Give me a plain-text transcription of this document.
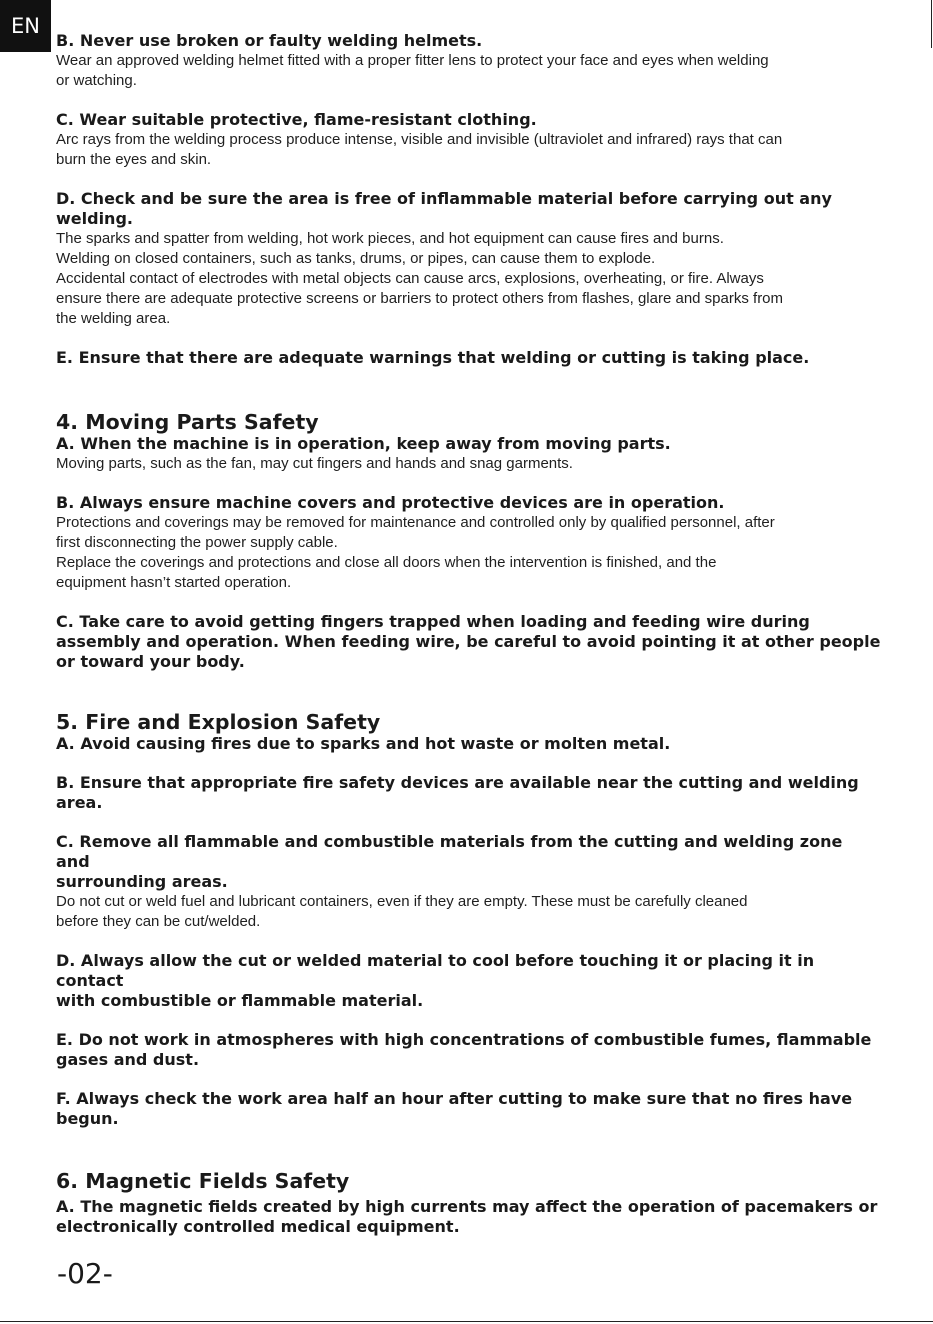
EN

B. Never use broken or faulty welding helmets.

Wear an approved welding helmet fitted with a proper fitter lens to protect your face and eyes when welding

or watching.

C. Wear suitable protective, flame-resistant clothing.

Arc rays from the welding process produce intense, visible and invisible (ultraviolet and infrared) rays that can

burn the eyes and skin.

D. Check and be sure the area is free of inflammable material before carrying out any

welding.

The sparks and spatter from welding, hot work pieces, and hot equipment can cause fires and burns.

Welding on closed containers, such as tanks, drums, or pipes, can cause them to explode.

Accidental contact of electrodes with metal objects can cause arcs, explosions, overheating, or fire. Always

ensure there are adequate protective screens or barriers to protect others from flashes, glare and sparks from

the welding area.

E. Ensure that there are adequate warnings that welding or cutting is taking place.

4. Moving Parts Safety

A. When the machine is in operation, keep away from moving parts.

Moving parts, such as the fan, may cut fingers and hands and snag garments.

B. Always ensure machine covers and protective devices are in operation.

Protections and coverings may be removed for maintenance and controlled only by qualified personnel, after

first disconnecting the power supply cable.

Replace the coverings and protections and close all doors when the intervention is finished, and the

equipment hasn’t started operation.

C. Take care to avoid getting fingers trapped when loading and feeding wire during

assembly and operation. When feeding wire, be careful to avoid pointing it at other people

or toward your body.

5. Fire and Explosion Safety

A. Avoid causing fires due to sparks and hot waste or molten metal.

B. Ensure that appropriate fire safety devices are available near the cutting and welding

area.

C. Remove all flammable and combustible materials from the cutting and welding zone and

surrounding areas.

Do not cut or weld fuel and lubricant containers, even if they are empty. These must be carefully cleaned

before they can be cut/welded.

D. Always allow the cut or welded material to cool before touching it or placing it in contact

with combustible or flammable material.

E. Do not work in atmospheres with high concentrations of combustible fumes, flammable

gases and dust.

F. Always check the work area half an hour after cutting to make sure that no fires have

begun.

6. Magnetic Fields Safety

A. The magnetic fields created by high currents may affect the operation of pacemakers or

electronically controlled medical equipment.

-02-
